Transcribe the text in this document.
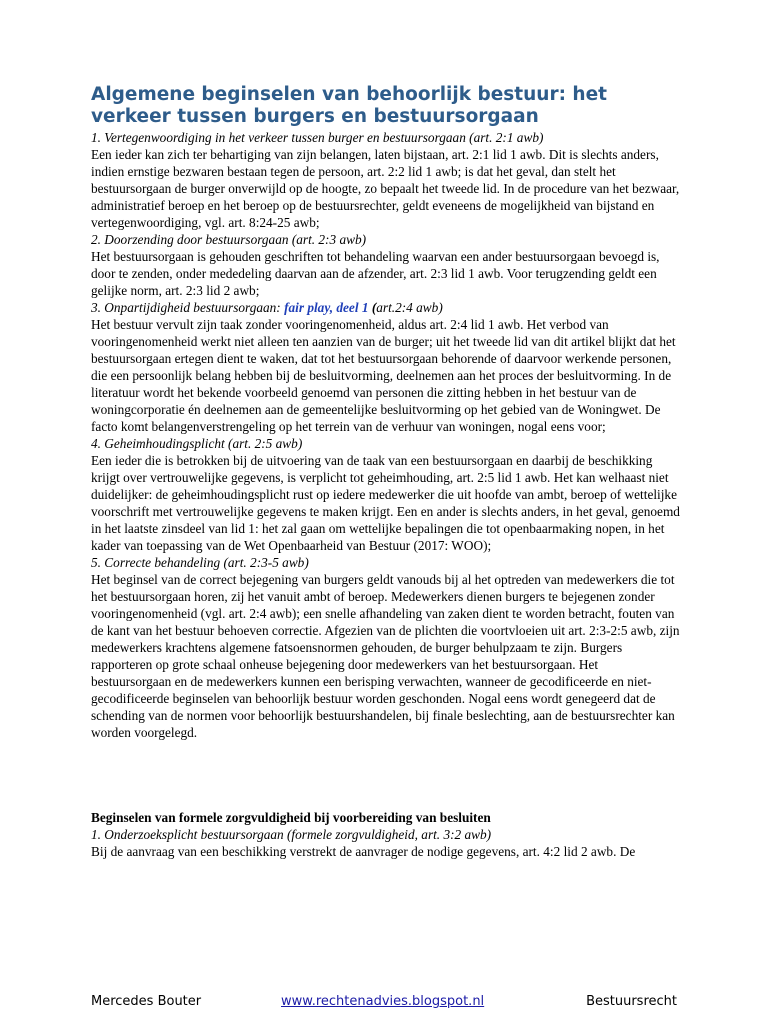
Algemene beginselen van behoorlijk bestuur: het verkeer tussen burgers en bestuursorgaan

1. Vertegenwoordiging in het verkeer tussen burger en bestuursorgaan (art. 2:1 awb)

Een ieder kan zich ter behartiging van zijn belangen, laten bijstaan, art. 2:1 lid 1 awb. Dit is slechts anders, indien ernstige bezwaren bestaan tegen de persoon, art. 2:2 lid 1 awb; is dat het geval, dan stelt het bestuursorgaan de burger onverwijld op de hoogte, zo bepaalt het tweede lid. In de procedure van het bezwaar, administratief beroep en het beroep op de bestuursrechter, geldt eveneens de mogelijkheid van bijstand en vertegenwoordiging, vgl. art. 8:24-25 awb;

2. Doorzending door bestuursorgaan (art. 2:3 awb)

Het bestuursorgaan is gehouden geschriften tot behandeling waarvan een ander bestuursorgaan bevoegd is, door te zenden, onder mededeling daarvan aan de afzender, art. 2:3 lid 1 awb. Voor terugzending geldt een gelijke norm, art. 2:3 lid 2 awb;

3. Onpartijdigheid bestuursorgaan: fair play, deel 1 (art.2:4 awb)

Het bestuur vervult zijn taak zonder vooringenomenheid, aldus art. 2:4 lid 1 awb. Het verbod van vooringenomenheid werkt niet alleen ten aanzien van de burger; uit het tweede lid van dit artikel blijkt dat het bestuursorgaan ertegen dient te waken, dat tot het bestuursorgaan behorende of daarvoor werkende personen, die een persoonlijk belang hebben bij de besluitvorming, deelnemen aan het proces der besluitvorming. In de literatuur wordt het bekende voorbeeld genoemd van personen die zitting hebben in het bestuur van de woningcorporatie én deelnemen aan de gemeentelijke besluitvorming op het gebied van de Woningwet. De facto komt belangenverstrengeling op het terrein van de verhuur van woningen, nogal eens voor;

4. Geheimhoudingsplicht (art. 2:5 awb)

Een ieder die is betrokken bij de uitvoering van de taak van een bestuursorgaan en daarbij de beschikking krijgt over vertrouwelijke gegevens, is verplicht tot geheimhouding, art. 2:5 lid 1 awb. Het kan welhaast niet duidelijker: de geheimhoudingsplicht rust op iedere medewerker die uit hoofde van ambt, beroep of wettelijke voorschrift met vertrouwelijke gegevens te maken krijgt. Een en ander is slechts anders, in het geval, genoemd in het laatste zinsdeel van lid 1: het zal gaan om wettelijke bepalingen die tot openbaarmaking nopen, in het kader van toepassing van de Wet Openbaarheid van Bestuur (2017: WOO);

5. Correcte behandeling (art. 2:3-5 awb)

Het beginsel van de correct bejegening van burgers geldt vanouds bij al het optreden van medewerkers die tot het bestuursorgaan horen, zij het vanuit ambt of beroep. Medewerkers dienen burgers te bejegenen zonder vooringenomenheid (vgl. art. 2:4 awb); een snelle afhandeling van zaken dient te worden betracht, fouten van de kant van het bestuur behoeven correctie. Afgezien van de plichten die voortvloeien uit art. 2:3-2:5 awb, zijn medewerkers krachtens algemene fatsoensnormen gehouden, de burger behulpzaam te zijn. Burgers rapporteren op grote schaal onheuse bejegening door medewerkers van het bestuursorgaan. Het bestuursorgaan en de medewerkers kunnen een berisping verwachten, wanneer de gecodificeerde en niet-gecodificeerde beginselen van behoorlijk bestuur worden geschonden. Nogal eens wordt genegeerd dat de schending van de normen voor behoorlijk bestuurshandelen, bij finale beslechting, aan de bestuursrechter kan worden voorgelegd.

Beginselen van formele zorgvuldigheid bij voorbereiding van besluiten

1. Onderzoeksplicht bestuursorgaan (formele zorgvuldigheid, art. 3:2 awb)

Bij de aanvraag van een beschikking verstrekt de aanvrager de nodige gegevens, art. 4:2 lid 2 awb. De

Mercedes Bouter	www.rechtenadvies.blogspot.nl	Bestuursrecht
